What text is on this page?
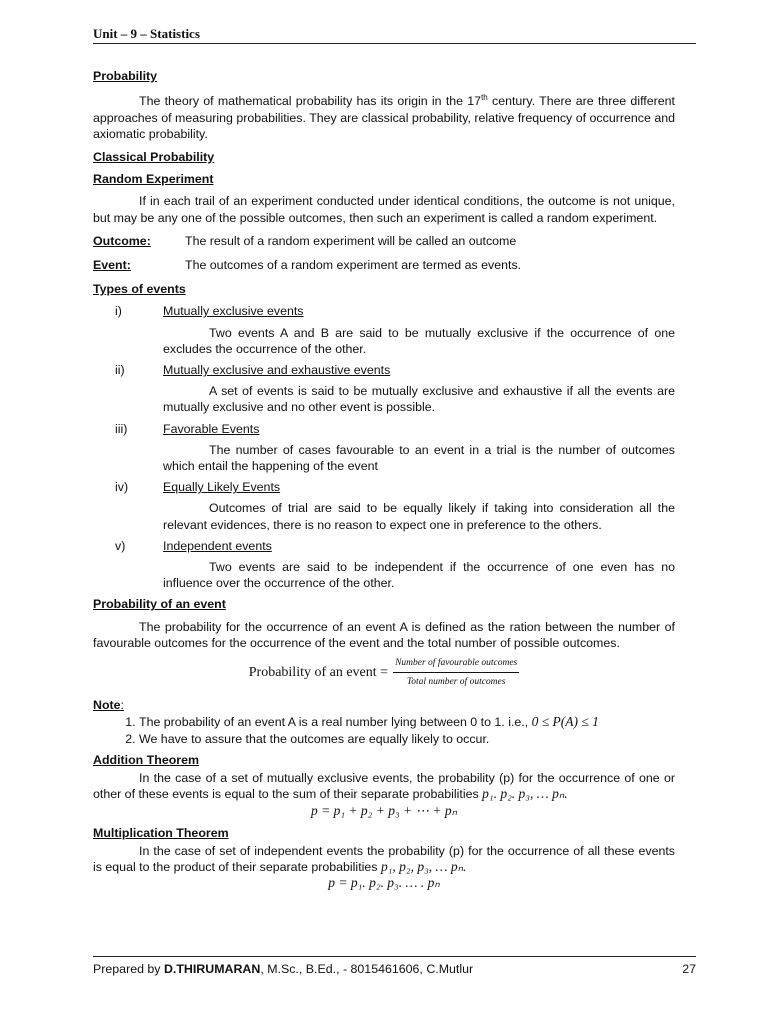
Unit – 9 – Statistics
Probability

The theory of mathematical probability has its origin in the 17th century. There are three different approaches of measuring probabilities. They are classical probability, relative frequency of occurrence and axiomatic probability.

Classical Probability
Random Experiment

If in each trail of an experiment conducted under identical conditions, the outcome is not unique, but may be any one of the possible outcomes, then such an experiment is called a random experiment.

Outcome:	The result of a random experiment will be called an outcome
Event:	The outcomes of a random experiment are termed as events.
Types of events
i)	Mutually exclusive events

Two events A and B are said to be mutually exclusive if the occurrence of one excludes the occurrence of the other.

ii)	Mutually exclusive and exhaustive events

A set of events is said to be mutually exclusive and exhaustive if all the events are mutually exclusive and no other event is possible.

iii)	Favorable Events

The number of cases favourable to an event in a trial is the number of outcomes which entail the happening of the event

iv)	Equally Likely Events

Outcomes of trial are said to be equally likely if taking into consideration all the relevant evidences, there is no reason to expect one in preference to the others.

v)	Independent events

Two events are said to be independent if the occurrence of one even has no influence over the occurrence of the other.

Probability of an event

The probability for the occurrence of an event A is defined as the ration between the number of favourable outcomes for the occurrence of the event and the total number of possible outcomes.

Probability of an event = $\frac{\text{Number of favourable outcomes}}{\text{Total number of outcomes}}$
Note:
1. The probability of an event A is a real number lying between 0 to 1. i.e., 0 ≤ P(A) ≤ 1
2. We have to assure that the outcomes are equally likely to occur.
Addition Theorem

In the case of a set of mutually exclusive events, the probability (p) for the occurrence of one or other of these events is equal to the sum of their separate probabilities p₁. p₂. p₃, … pₙ.

p = p₁ + p₂ + p₃ + ⋯ + pₙ
Multiplication Theorem

In the case of set of independent events the probability (p) for the occurrence of all these events is equal to the product of their separate probabilities p₁, p₂, p₃, … pₙ.

p = p₁. p₂. p₃. … . pₙ
Prepared by D.THIRUMARAN, M.Sc., B.Ed., - 8015461606, C.Mutlur	27
